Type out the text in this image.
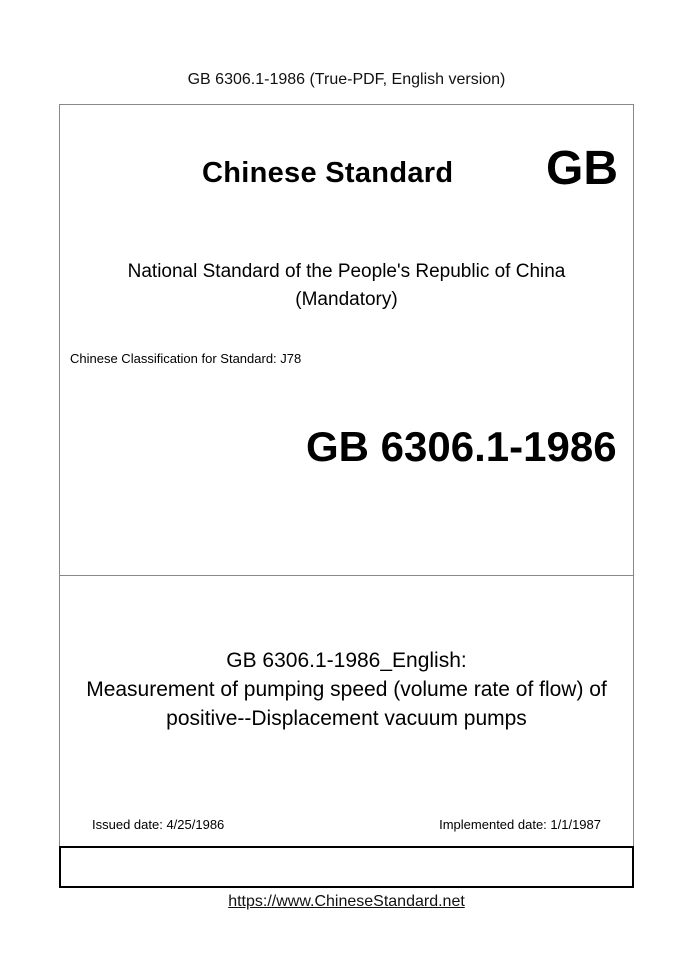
GB 6306.1-1986 (True-PDF, English version)
Chinese Standard GB
National Standard of the People's Republic of China
(Mandatory)
Chinese Classification for Standard: J78
GB 6306.1-1986
GB 6306.1-1986_English:
Measurement of pumping speed (volume rate of flow) of
positive--Displacement vacuum pumps
Issued date: 4/25/1986	Implemented date: 1/1/1987
https://www.ChineseStandard.net
